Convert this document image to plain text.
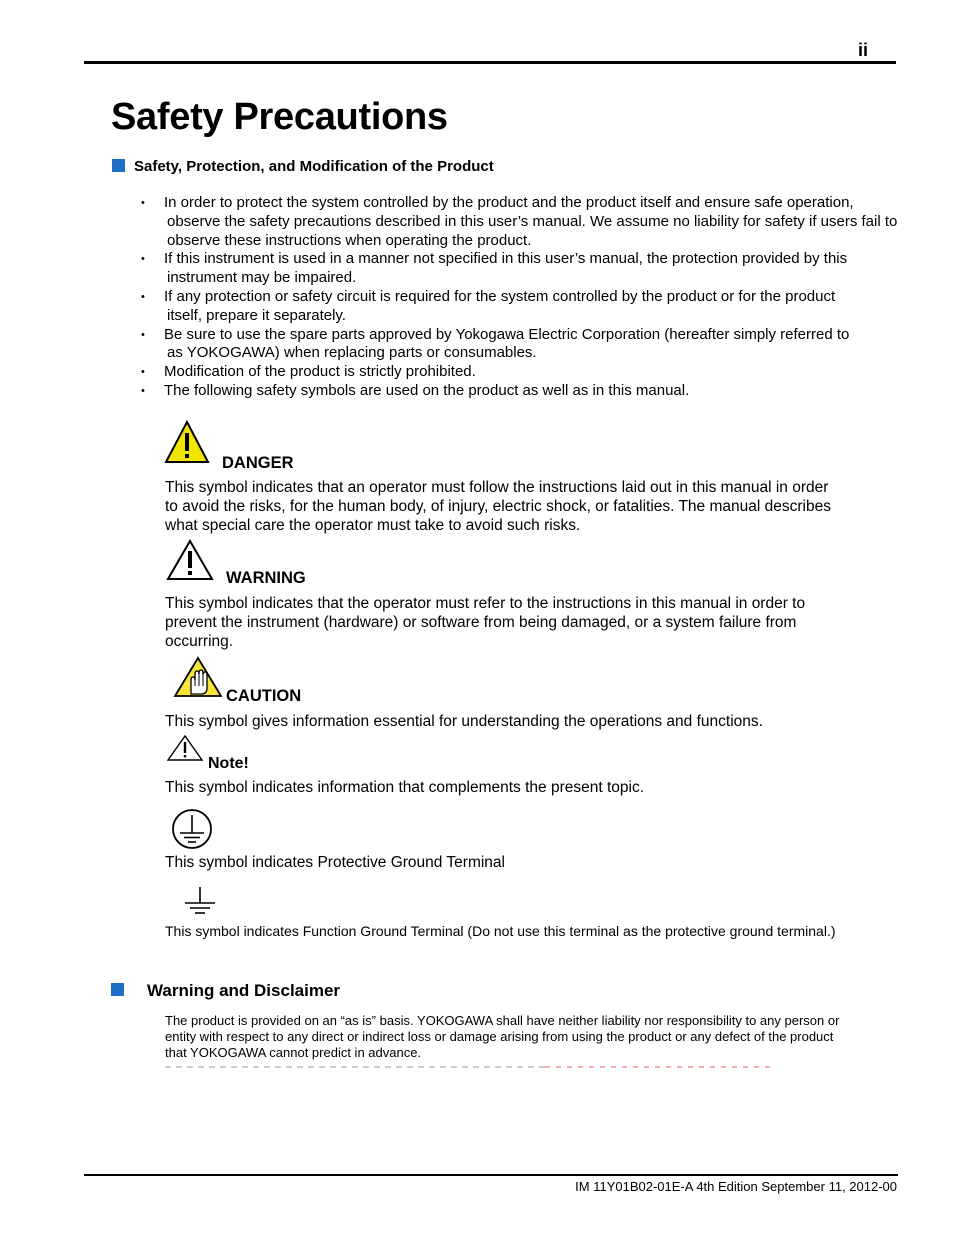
ii
Safety Precautions
Safety, Protection, and Modification of the Product
• In order to protect the system controlled by the product and the product itself and ensure safe operation,
observe the safety precautions described in this user’s manual. We assume no liability for safety if users fail to observe these instructions when operating the product.
• If this instrument is used in a manner not specified in this user’s manual, the protection provided by this
instrument may be impaired.
• If any protection or safety circuit is required for the system controlled by the product or for the product
itself, prepare it separately.
• Be sure to use the spare parts approved by Yokogawa Electric Corporation (hereafter simply referred to
as YOKOGAWA) when replacing parts or consumables.
• Modification of the product is strictly prohibited.
• The following safety symbols are used on the product as well as in this manual.
DANGER
This symbol indicates that an operator must follow the instructions laid out in this manual in order to avoid the risks, for the human body, of injury, electric shock, or fatalities. The manual describes what special care the operator must take to avoid such risks.
WARNING
This symbol indicates that the operator must refer to the instructions in this manual in order to prevent the instrument (hardware) or software from being damaged, or a system failure from occurring.
CAUTION
This symbol gives information essential for understanding the operations and functions.
Note!
This symbol indicates information that complements the present topic.
This symbol indicates Protective Ground Terminal
This symbol indicates Function Ground Terminal (Do not use this terminal as the protective ground terminal.)
Warning and Disclaimer
The product is provided on an “as is” basis. YOKOGAWA shall have neither liability nor responsibility to any person or entity with respect to any direct or indirect loss or damage arising from using the product or any defect of the product that YOKOGAWA cannot predict in advance.
IM 11Y01B02-01E-A 4th Edition September 11, 2012-00
